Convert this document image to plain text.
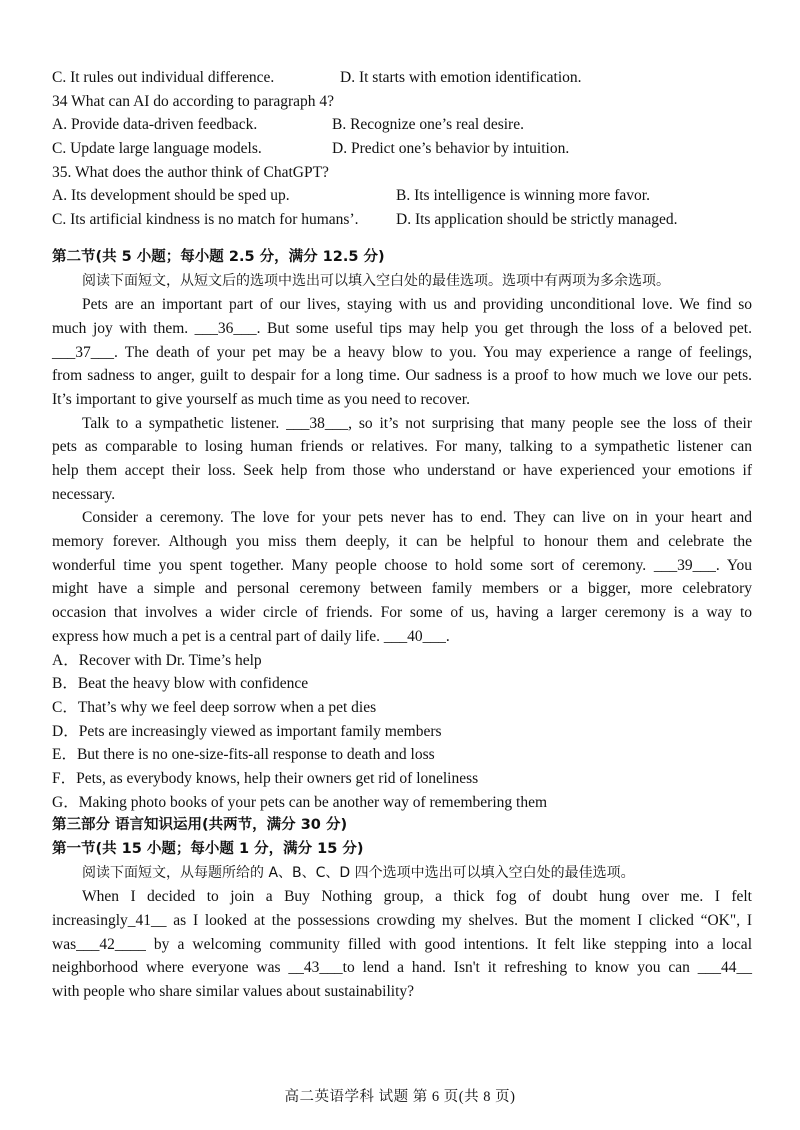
C. It rules out individual difference.	D. It starts with emotion identification.
34 What can AI do according to paragraph 4?
A. Provide data-driven feedback.	B. Recognize one’s real desire.
C. Update large language models.	D. Predict one’s behavior by intuition.
35. What does the author think of ChatGPT?
A. Its development should be sped up.	B. Its intelligence is winning more favor.
C. Its artificial kindness is no match for humans’.	D. Its application should be strictly managed.
第二节(共 5 小题；每小题 2.5 分，满分 12.5 分)
阅读下面短文，从短文后的选项中选出可以填入空白处的最佳选项。选项中有两项为多余选项。
Pets are an important part of our lives, staying with us and providing unconditional love. We find so
much joy with them. ___36___. But some useful tips may help you get through the loss of a beloved pet.
___37___. The death of your pet may be a heavy blow to you. You may experience a range of feelings,
from sadness to anger, guilt to despair for a long time. Our sadness is a proof to how much we love our pets.
It’s important to give yourself as much time as you need to recover.
Talk to a sympathetic listener. ___38___, so it’s not surprising that many people see the loss of their
pets as comparable to losing human friends or relatives. For many, talking to a sympathetic listener can
help them accept their loss. Seek help from those who understand or have experienced your emotions if
necessary.
Consider a ceremony. The love for your pets never has to end. They can live on in your heart and
memory forever. Although you miss them deeply, it can be helpful to honour them and celebrate the
wonderful time you spent together. Many people choose to hold some sort of ceremony. ___39___. You
might have a simple and personal ceremony between family members or a bigger, more celebratory
occasion that involves a wider circle of friends. For some of us, having a larger ceremony is a way to
express how much a pet is a central part of daily life. ___40___.
A．Recover with Dr. Time’s help
B．Beat the heavy blow with confidence
C．That’s why we feel deep sorrow when a pet dies
D．Pets are increasingly viewed as important family members
E．But there is no one-size-fits-all response to death and loss
F．Pets, as everybody knows, help their owners get rid of loneliness
G．Making photo books of your pets can be another way of remembering them
第三部分 语言知识运用(共两节，满分 30 分)
第一节(共 15 小题；每小题 1 分，满分 15 分)
阅读下面短文，从每题所给的 A、B、C、D 四个选项中选出可以填入空白处的最佳选项。
When I decided to join a Buy Nothing group, a thick fog of doubt hung over me. I felt
increasingly_41__ as I looked at the possessions crowding my shelves. But the moment I clicked “OK", I
was___42____ by a welcoming community filled with good intentions. It felt like stepping into a local
neighborhood where everyone was __43___to lend a hand. Isn't it refreshing to know you can ___44__
with people who share similar values about sustainability?
高二英语学科 试题 第 6 页(共 8 页)
